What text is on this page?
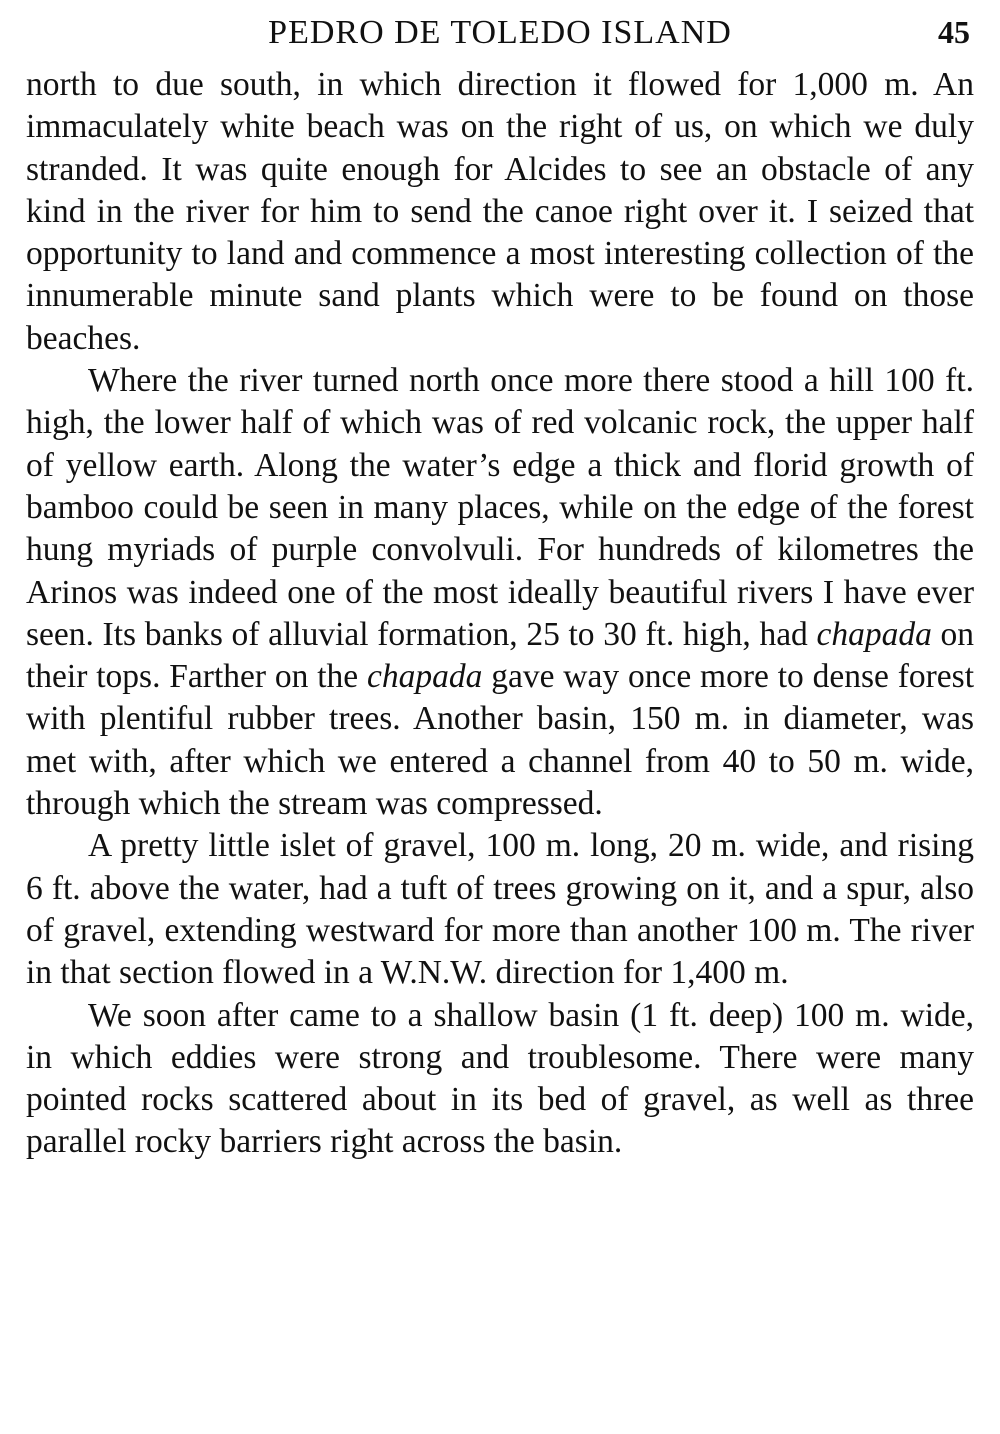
PEDRO DE TOLEDO ISLAND	45

north to due south, in which direction it flowed for 1,000 m. An immaculately white beach was on the right of us, on which we duly stranded. It was quite enough for Alcides to see an obstacle of any kind in the river for him to send the canoe right over it. I seized that opportunity to land and commence a most interesting collection of the innumerable minute sand plants which were to be found on those beaches.

Where the river turned north once more there stood a hill 100 ft. high, the lower half of which was of red volcanic rock, the upper half of yellow earth. Along the water’s edge a thick and florid growth of bamboo could be seen in many places, while on the edge of the forest hung myriads of purple convolvuli. For hundreds of kilometres the Arinos was indeed one of the most ideally beautiful rivers I have ever seen. Its banks of alluvial formation, 25 to 30 ft. high, had chapada on their tops. Farther on the chapada gave way once more to dense forest with plentiful rubber trees. Another basin, 150 m. in diameter, was met with, after which we entered a channel from 40 to 50 m. wide, through which the stream was compressed.

A pretty little islet of gravel, 100 m. long, 20 m. wide, and rising 6 ft. above the water, had a tuft of trees growing on it, and a spur, also of gravel, extending westward for more than another 100 m. The river in that section flowed in a W.N.W. direction for 1,400 m.

We soon after came to a shallow basin (1 ft. deep) 100 m. wide, in which eddies were strong and troublesome. There were many pointed rocks scattered about in its bed of gravel, as well as three parallel rocky barriers right across the basin.
